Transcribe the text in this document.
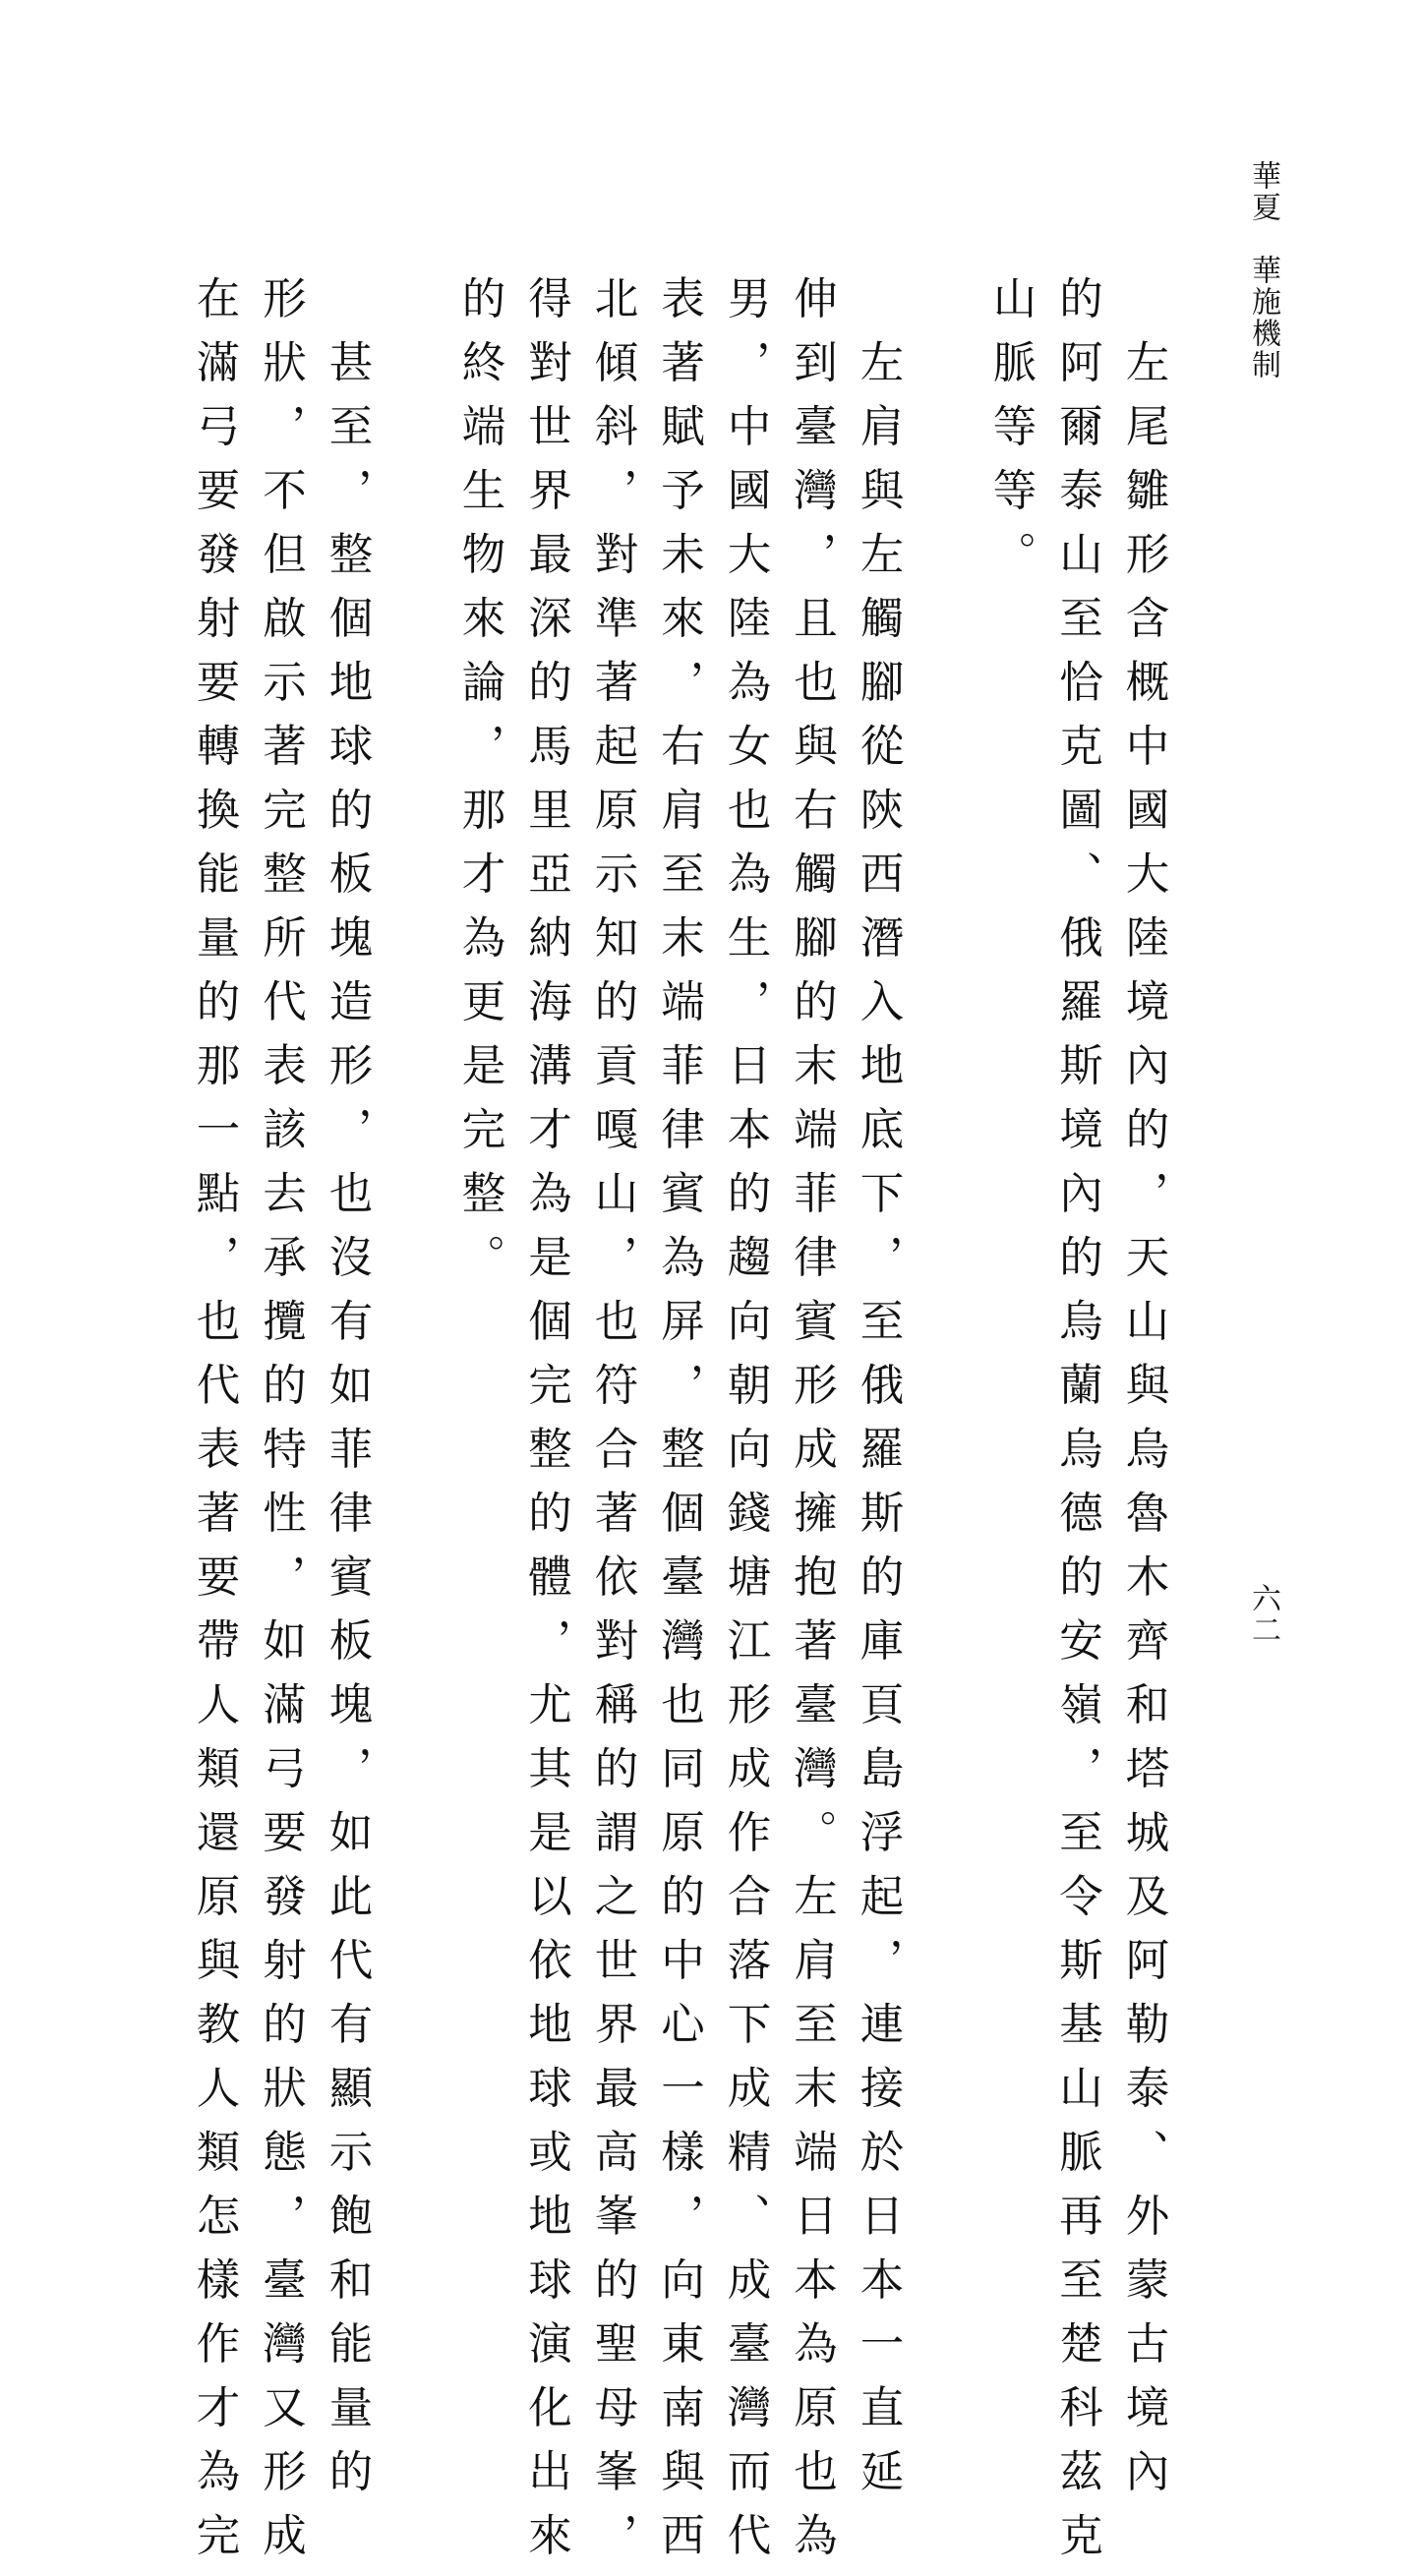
華夏　華施機制
六二
　左尾雛形含概中國大陸境內的，天山與烏魯木齊和塔城及阿勒泰、外蒙古境內
的阿爾泰山至恰克圖、俄羅斯境內的烏蘭烏德的安嶺，至令斯基山脈再至楚科茲克
山脈等等。
　左肩與左觸腳從陝西潛入地底下，至俄羅斯的庫頁島浮起，連接於日本一直延
伸到臺灣，且也與右觸腳的末端菲律賓形成擁抱著臺灣。左肩至末端日本為原也為
男，中國大陸為女也為生，日本的趨向朝向錢塘江形成作合落下成精、成臺灣而代
表著賦予未來，右肩至末端菲律賓為屏，整個臺灣也同原的中心一樣，向東南與西
北傾斜，對準著起原示知的貢嘎山，也符合著依對稱的謂之世界最高峯的聖母峯，
得對世界最深的馬里亞納海溝才為是個完整的體，尤其是以依地球或地球演化出來
的終端生物來論，那才為更是完整。
　甚至，整個地球的板塊造形，也沒有如菲律賓板塊，如此代有顯示飽和能量的
形狀，不但啟示著完整所代表該去承攬的特性，如滿弓要發射的狀態，臺灣又形成
在滿弓要發射要轉換能量的那一點，也代表著要帶人類還原與教人類怎樣作才為完
